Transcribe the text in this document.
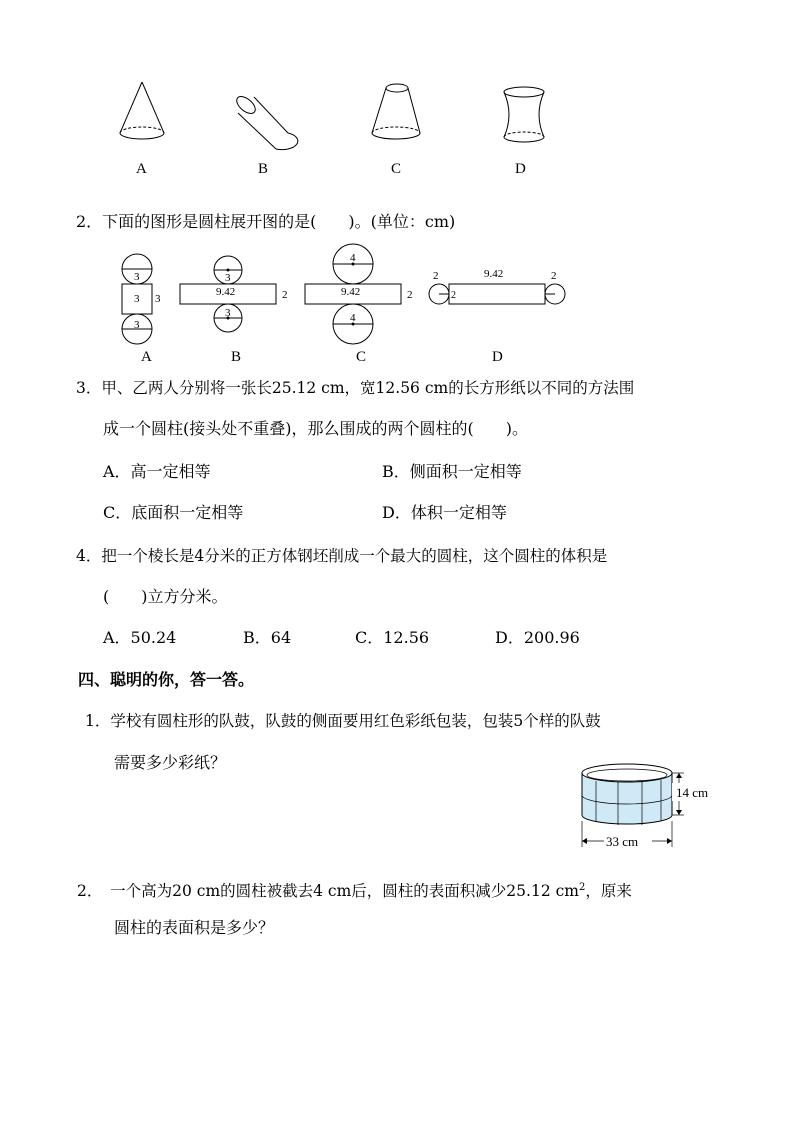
A	B	C	D
2．下面的图形是圆柱展开图的是(　　)。(单位：cm)
3
3 3
3
3
9.42	2
3
4
9.42	2
4
2	9.42	2
2
A	B	C	D
3．甲、乙两人分别将一张长25.12 cm，宽12.56 cm的长方形纸以不同的方法围
成一个圆柱(接头处不重叠)，那么围成的两个圆柱的(　　)。
A．高一定相等	B．侧面积一定相等
C．底面积一定相等	D．体积一定相等
4．把一个棱长是4分米的正方体钢坯削成一个最大的圆柱，这个圆柱的体积是
(　　)立方分米。
A．50.24	B．64	C．12.56	D．200.96
四、聪明的你，答一答。
1．学校有圆柱形的队鼓，队鼓的侧面要用红色彩纸包装，包装5个样的队鼓
需要多少彩纸？
14 cm
33 cm
2．　一个高为20 cm的圆柱被截去4 cm后，圆柱的表面积减少25.12 $cm^2$，原来
圆柱的表面积是多少？
